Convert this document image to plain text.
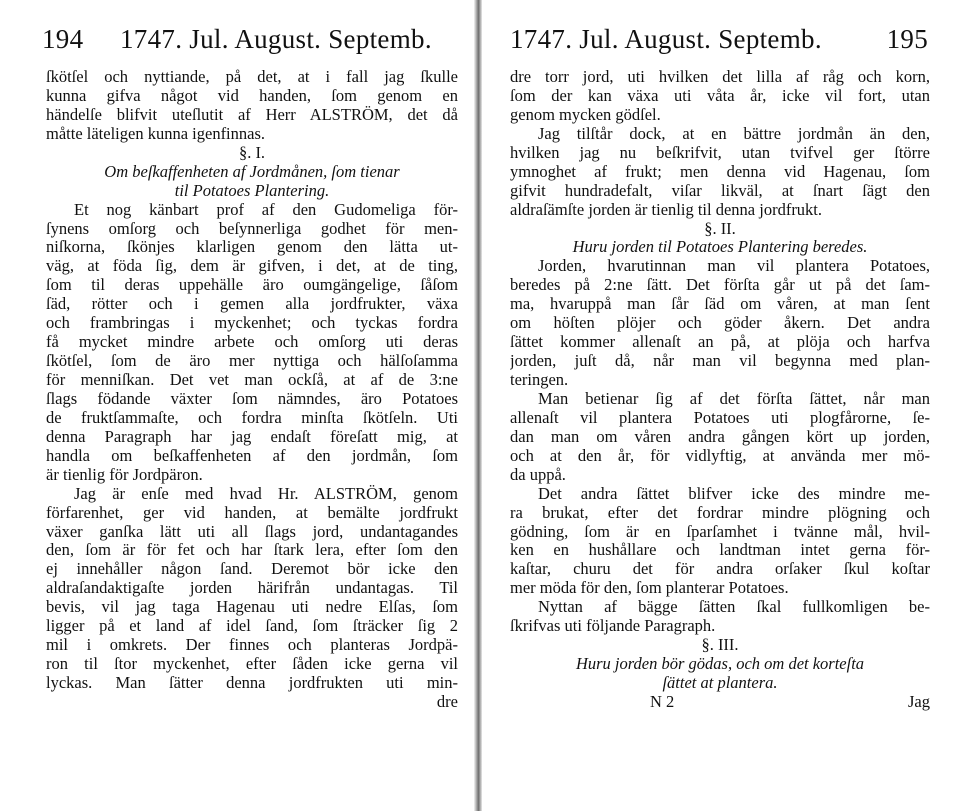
194 1747. Jul. August. Septemb.
ſkötſel och nyttiande, på det, at i fall jag ſkulle
kunna gifva något vid handen, ſom genom en
händelſe blifvit uteſlutit af Herr ALSTRÖM, det då
måtte läteligen kunna igenfinnas.
§. I.
Om beſkaffenheten af Jordmånen, ſom tienar
til Potatoes Plantering.
Et nog känbart prof af den Gudomeliga för-
ſynens omſorg och beſynnerliga godhet för men-
niſkorna, ſkönjes klarligen genom den lätta ut-
väg, at föda ſig, dem är gifven, i det, at de ting,
ſom til deras uppehälle äro oumgängelige, ſåſom
ſäd, rötter och i gemen alla jordfrukter, växa
och frambringas i myckenhet; och tyckas fordra
få mycket mindre arbete och omſorg uti deras
ſkötſel, ſom de äro mer nyttiga och hälſoſamma
för menniſkan. Det vet man ockſå, at af de 3:ne
ſlags födande växter ſom nämndes, äro Potatoes
de fruktſammaſte, och fordra minſta ſkötſeln. Uti
denna Paragraph har jag endaſt föreſatt mig, at
handla om beſkaffenheten af den jordmån, ſom
är tienlig för Jordpäron.
Jag är enſe med hvad Hr. ALSTRÖM, genom
förfarenhet, ger vid handen, at bemälte jordfrukt
växer ganſka lätt uti all ſlags jord, undantagandes
den, ſom är för fet och har ſtark lera, efter ſom den
ej innehåller någon ſand. Deremot bör icke den
aldraſandaktigaſte jorden härifrån undantagas. Til
bevis, vil jag taga Hagenau uti nedre Elſas, ſom
ligger på et land af idel ſand, ſom ſträcker ſig 2
mil i omkrets. Der finnes och planteras Jordpä-
ron til ſtor myckenhet, efter ſåden icke gerna vil
lyckas. Man ſätter denna jordfrukten uti min-
dre
1747. Jul. August. Septemb. 195
dre torr jord, uti hvilken det lilla af råg och korn,
ſom der kan växa uti våta år, icke vil fort, utan
genom mycken gödſel.
Jag tilſtår dock, at en bättre jordmån än den,
hvilken jag nu beſkrifvit, utan tvifvel ger ſtörre
ymnoghet af frukt; men denna vid Hagenau, ſom
gifvit hundradefalt, viſar likväl, at ſnart ſägt den
aldraſämſte jorden är tienlig til denna jordfrukt.
§. II.
Huru jorden til Potatoes Plantering beredes.
Jorden, hvarutinnan man vil plantera Potatoes,
beredes på 2:ne ſätt. Det förſta går ut på det ſam-
ma, hvaruppå man ſår ſäd om våren, at man ſent
om höſten plöjer och göder åkern. Det andra
ſättet kommer allenaſt an på, at plöja och harfva
jorden, juſt då, når man vil begynna med plan-
teringen.
Man betienar ſig af det förſta ſättet, når man
allenaſt vil plantera Potatoes uti plogfårorne, ſe-
dan man om våren andra gången kört up jorden,
och at den år, för vidlyftig, at använda mer mö-
da uppå.
Det andra ſättet blifver icke des mindre me-
ra brukat, efter det fordrar mindre plögning och
gödning, ſom är en ſparſamhet i tvänne mål, hvil-
ken en hushållare och landtman intet gerna för-
kaſtar, churu det för andra orſaker ſkul koſtar
mer möda för den, ſom planterar Potatoes.
Nyttan af bägge ſätten ſkal fullkomligen be-
ſkrifvas uti följande Paragraph.
§. III.
Huru jorden bör gödas, och om det korteſta
ſättet at plantera.
N 2	Jag
